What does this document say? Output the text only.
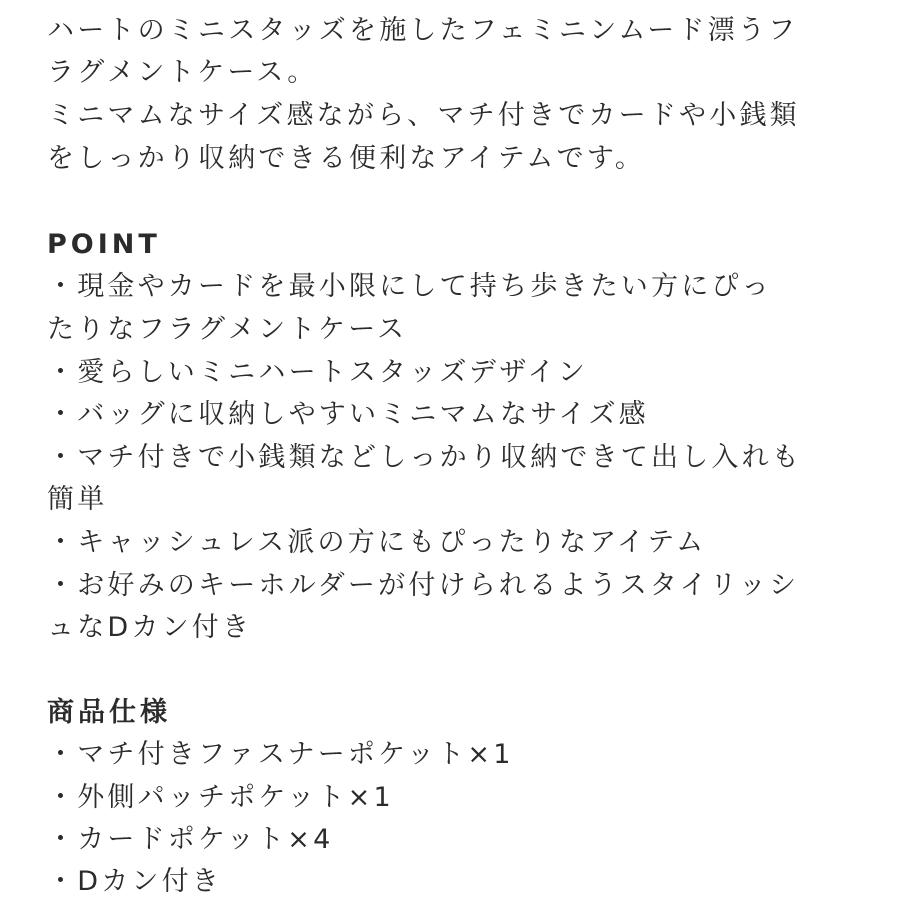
ハートのミニスタッズを施したフェミニンムード漂うフ

ラグメントケース。

ミニマムなサイズ感ながら、マチ付きでカードや小銭類

をしっかり収納できる便利なアイテムです。

POINT

・現金やカードを最小限にして持ち歩きたい方にぴっ

たりなフラグメントケース

・愛らしいミニハートスタッズデザイン

・バッグに収納しやすいミニマムなサイズ感

・マチ付きで小銭類などしっかり収納できて出し入れも

簡単

・キャッシュレス派の方にもぴったりなアイテム

・お好みのキーホルダーが付けられるようスタイリッシ

ュなDカン付き

商品仕様

・マチ付きファスナーポケット×1

・外側パッチポケット×1

・カードポケット×4

・Dカン付き
